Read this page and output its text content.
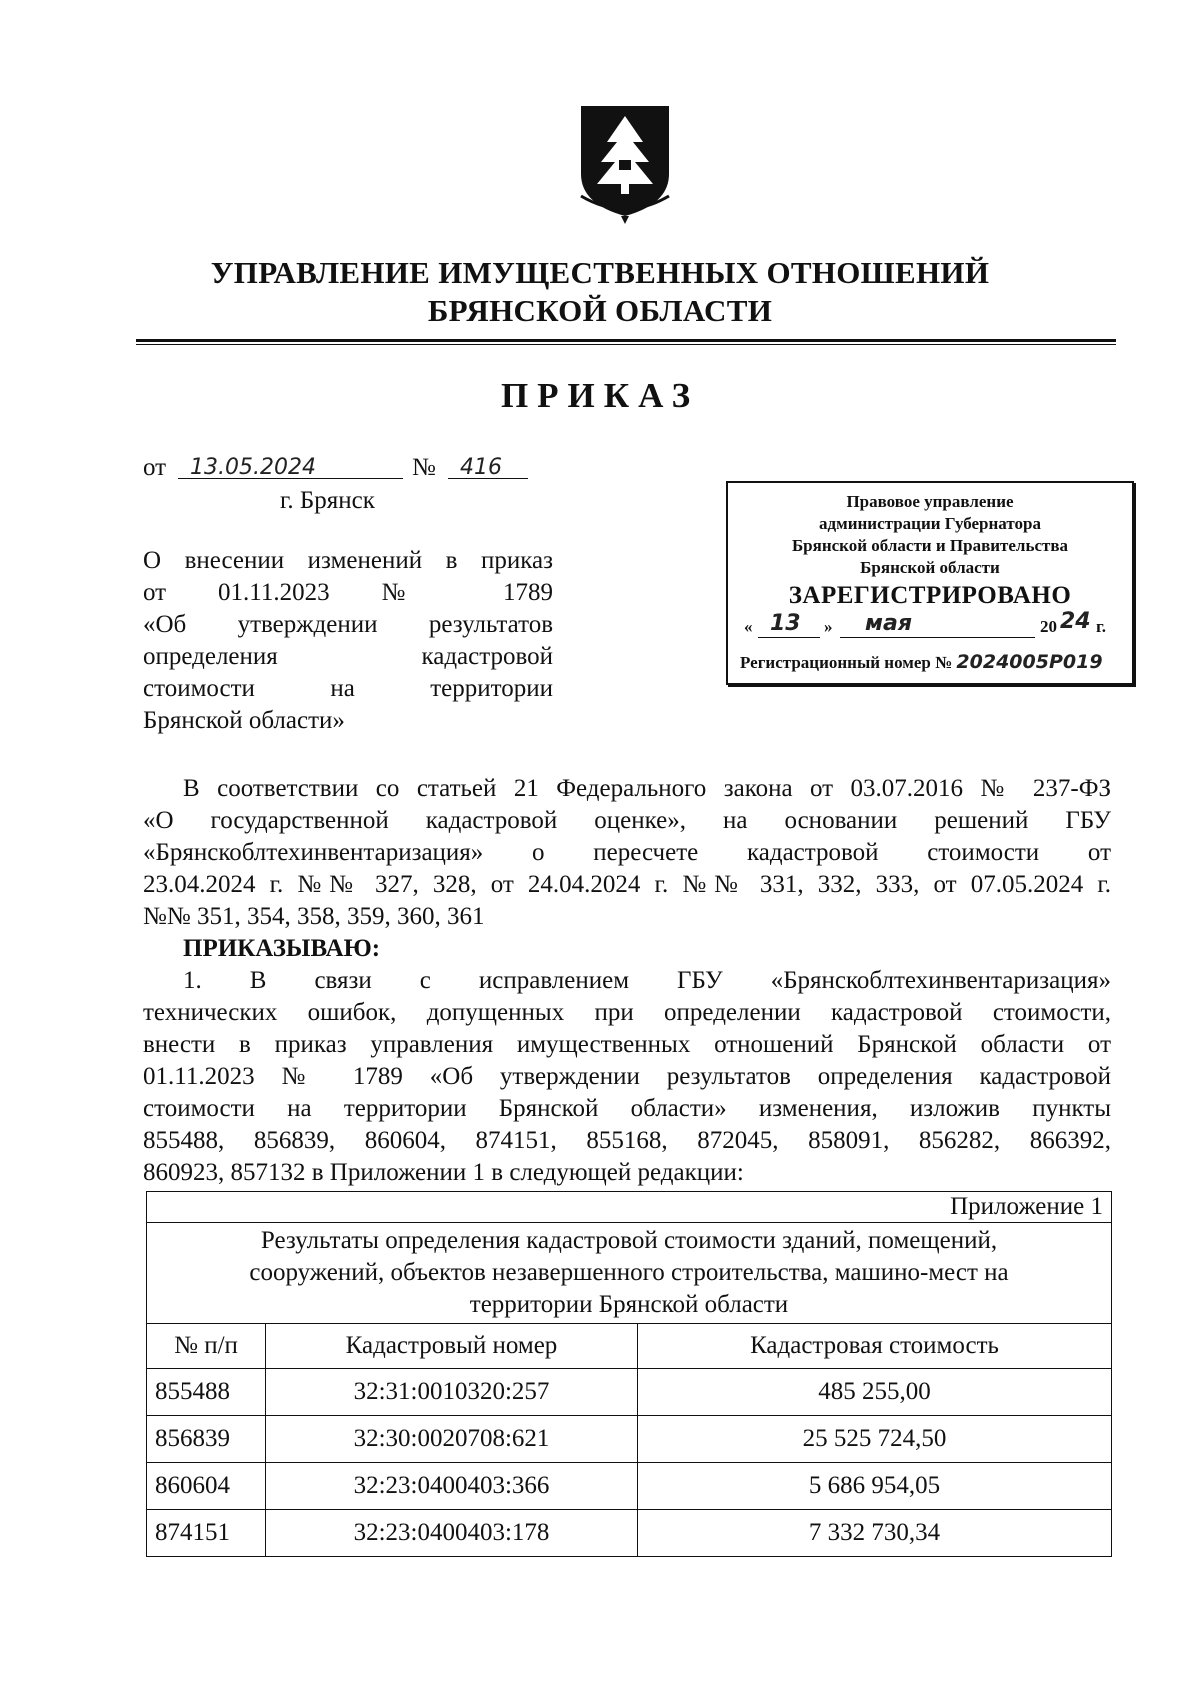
УПРАВЛЕНИЕ ИМУЩЕСТВЕННЫХ ОТНОШЕНИЙ
БРЯНСКОЙ ОБЛАСТИ
ПРИКАЗ
от 13.05.2024	№ 416
г. Брянск
О внесении изменений в приказ
от 01.11.2023 № 1789
«Об утверждении результатов
определения кадастровой
стоимости на территории
Брянской области»
Правовое управление
администрации Губернатора
Брянской области и Правительства
Брянской области
ЗАРЕГИСТРИРОВАНО
« 13 » мая	20 24 г.
Регистрационный номер № 2024005Р019
В соответствии со статьей 21 Федерального закона от 03.07.2016 № 237-ФЗ
«О государственной кадастровой оценке», на основании решений ГБУ
«Брянскоблтехинвентаризация» о пересчете кадастровой стоимости от
23.04.2024 г. №№ 327, 328, от 24.04.2024 г. №№ 331, 332, 333, от 07.05.2024 г.
№№ 351, 354, 358, 359, 360, 361
ПРИКАЗЫВАЮ:
1. В связи с исправлением ГБУ «Брянскоблтехинвентаризация»
технических ошибок, допущенных при определении кадастровой стоимости,
внести в приказ управления имущественных отношений Брянской области от
01.11.2023 № 1789 «Об утверждении результатов определения кадастровой
стоимости на территории Брянской области» изменения, изложив пункты
855488, 856839, 860604, 874151, 855168, 872045, 858091, 856282, 866392,
860923, 857132 в Приложении 1 в следующей редакции:
Приложение 1		

Результаты определения кадастровой стоимости зданий, помещений,
сооружений, объектов незавершенного строительства, машино-мест на
территории Брянской области		

№ п/п	Кадастровый номер	Кадастровая стоимость
855488	32:31:0010320:257	485 255,00
856839	32:30:0020708:621	25 525 724,50
860604	32:23:0400403:366	5 686 954,05
874151	32:23:0400403:178	7 332 730,34
